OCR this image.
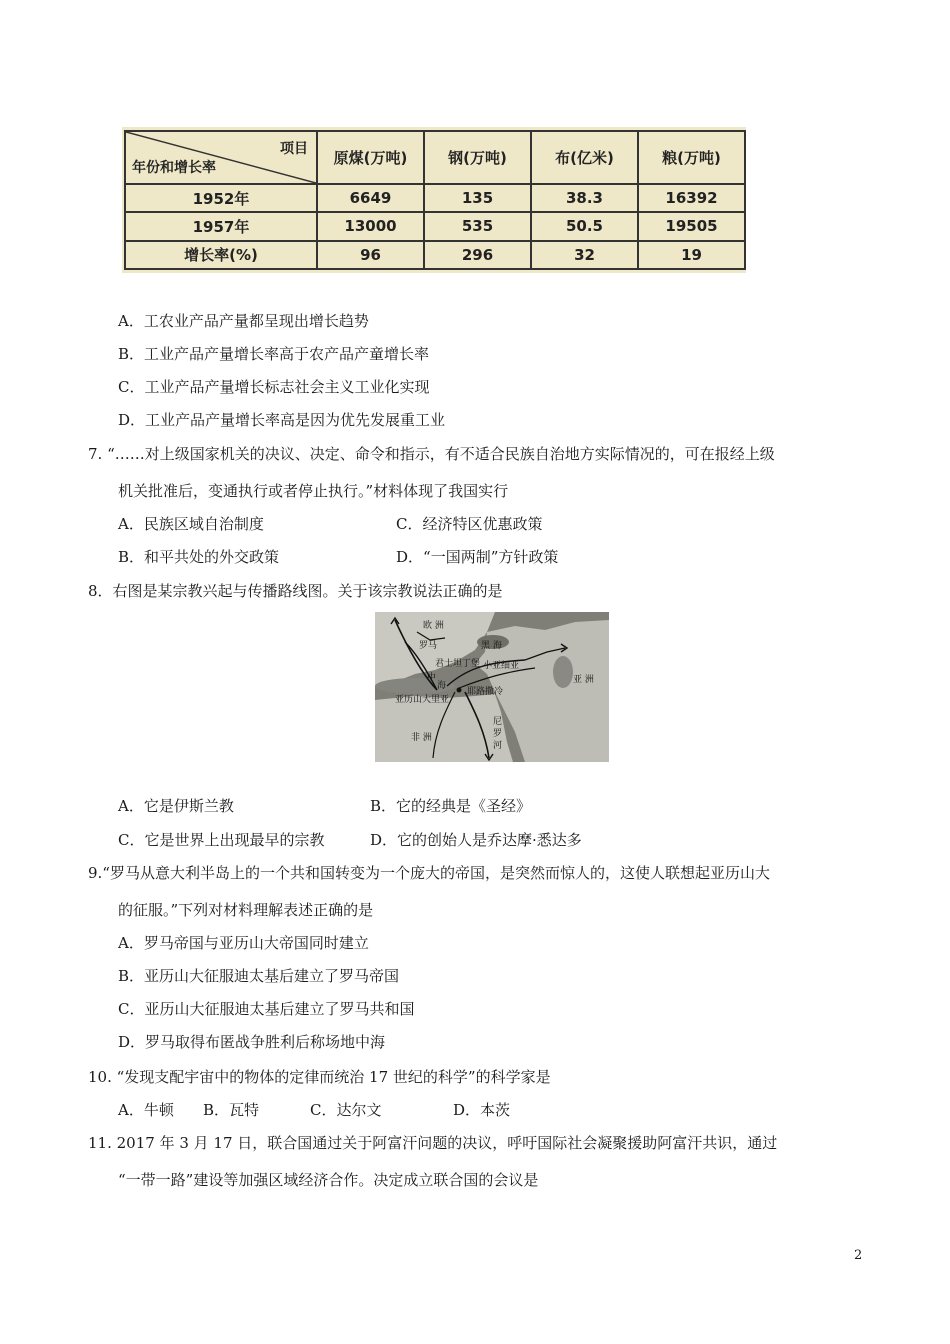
项目
年份和增长率	原煤(万吨)	钢(万吨)	布(亿米)	粮(万吨)
1952年	6649	135	38.3	16392
1957年	13000	535	50.5	19505
增长率(%)	96	296	32	19
A．工农业产品产量都呈现出增长趋势
B．工业产品产量增长率高于农产品产童增长率
C．工业产品产量增长标志社会主义工业化实现
D．工业产品产量增长率高是因为优先发展重工业
7. “……对上级国家机关的决议、决定、命令和指示，有不适合民族自治地方实际情况的，可在报经上级
机关批准后，变通执行或者停止执行。”材料体现了我国实行
A．民族区域自治制度	C．经济特区优惠政策
B．和平共处的外交政策	D．“一国两制”方针政策
8．右图是某宗教兴起与传播路线图。关于该宗教说法正确的是
欧 洲
罗马	黑 海
君士坦丁堡 小亚细亚
中
海
耶路撒冷
亚历山大里亚
亚 洲
非 洲
尼罗河
A．它是伊斯兰教	B．它的经典是《圣经》
C．它是世界上出现最早的宗教	D．它的创始人是乔达摩·悉达多
9.“罗马从意大利半岛上的一个共和国转变为一个庞大的帝国，是突然而惊人的，这使人联想起亚历山大
的征服。”下列对材料理解表述正确的是
A．罗马帝国与亚历山大帝国同时建立
B．亚历山大征服迪太基后建立了罗马帝国
C．亚历山大征服迪太基后建立了罗马共和国
D．罗马取得布匿战争胜利后称场地中海
10. “发现支配宇宙中的物体的定律而统治 17 世纪的科学”的科学家是
A．牛顿 B．瓦特	C．达尔文	D．本茨
11. 2017 年 3 月 17 日，联合国通过关于阿富汗问题的决议，呼吁国际社会凝聚援助阿富汗共识，通过
“一带一路”建设等加强区域经济合作。决定成立联合国的会议是
2
